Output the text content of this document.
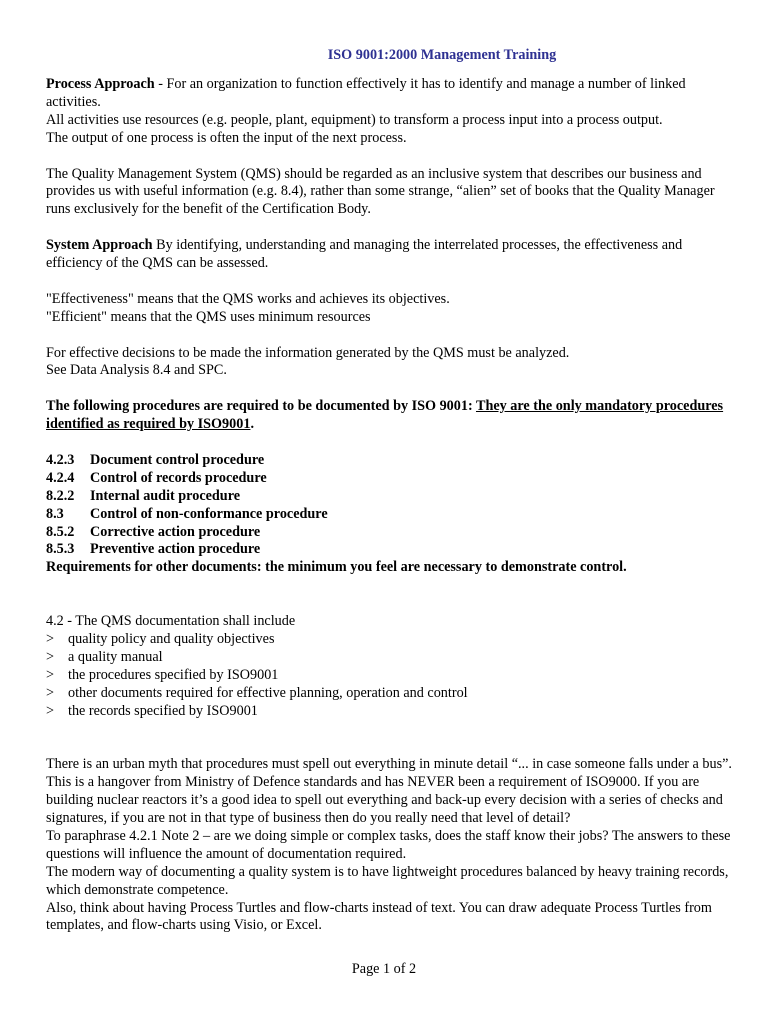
ISO 9001:2000 Management Training

Process Approach - For an organization to function effectively it has to identify and manage a number of linked activities.

All activities use resources (e.g. people, plant, equipment) to transform a process input into a process output.

The output of one process is often the input of the next process.

The Quality Management System (QMS) should be regarded as an inclusive system that describes our business and provides us with useful information (e.g. 8.4), rather than some strange, “alien” set of books that the Quality Manager runs exclusively for the benefit of the Certification Body.

System Approach By identifying, understanding and managing the interrelated processes, the effectiveness and efficiency of the QMS can be assessed.

"Effectiveness" means that the QMS works and achieves its objectives.

"Efficient" means that the QMS uses minimum resources

For effective decisions to be made the information generated by the QMS must be analyzed.

See Data Analysis 8.4 and SPC.

The following procedures are required to be documented by ISO 9001: They are the only mandatory procedures identified as required by ISO9001.

4.2.3	Document control procedure
4.2.4	Control of records procedure
8.2.2	Internal audit procedure
8.3	Control of non-conformance procedure
8.5.2	Corrective action procedure
8.5.3	Preventive action procedure

Requirements for other documents: the minimum you feel are necessary to demonstrate control.

4.2 - The QMS documentation shall include

> quality policy and quality objectives
> a quality manual
> the procedures specified by ISO9001
> other documents required for effective planning, operation and control
> the records specified by ISO9001

There is an urban myth that procedures must spell out everything in minute detail “... in case someone falls under a bus”. This is a hangover from Ministry of Defence standards and has NEVER been a requirement of ISO9000. If you are building nuclear reactors it’s a good idea to spell out everything and back-up every decision with a series of checks and signatures, if you are not in that type of business then do you really need that level of detail?

To paraphrase 4.2.1 Note 2 – are we doing simple or complex tasks, does the staff know their jobs? The answers to these questions will influence the amount of documentation required.

The modern way of documenting a quality system is to have lightweight procedures balanced by heavy training records, which demonstrate competence.

Also, think about having Process Turtles and flow-charts instead of text. You can draw adequate Process Turtles from templates, and flow-charts using Visio, or Excel.

Page 1 of 2
